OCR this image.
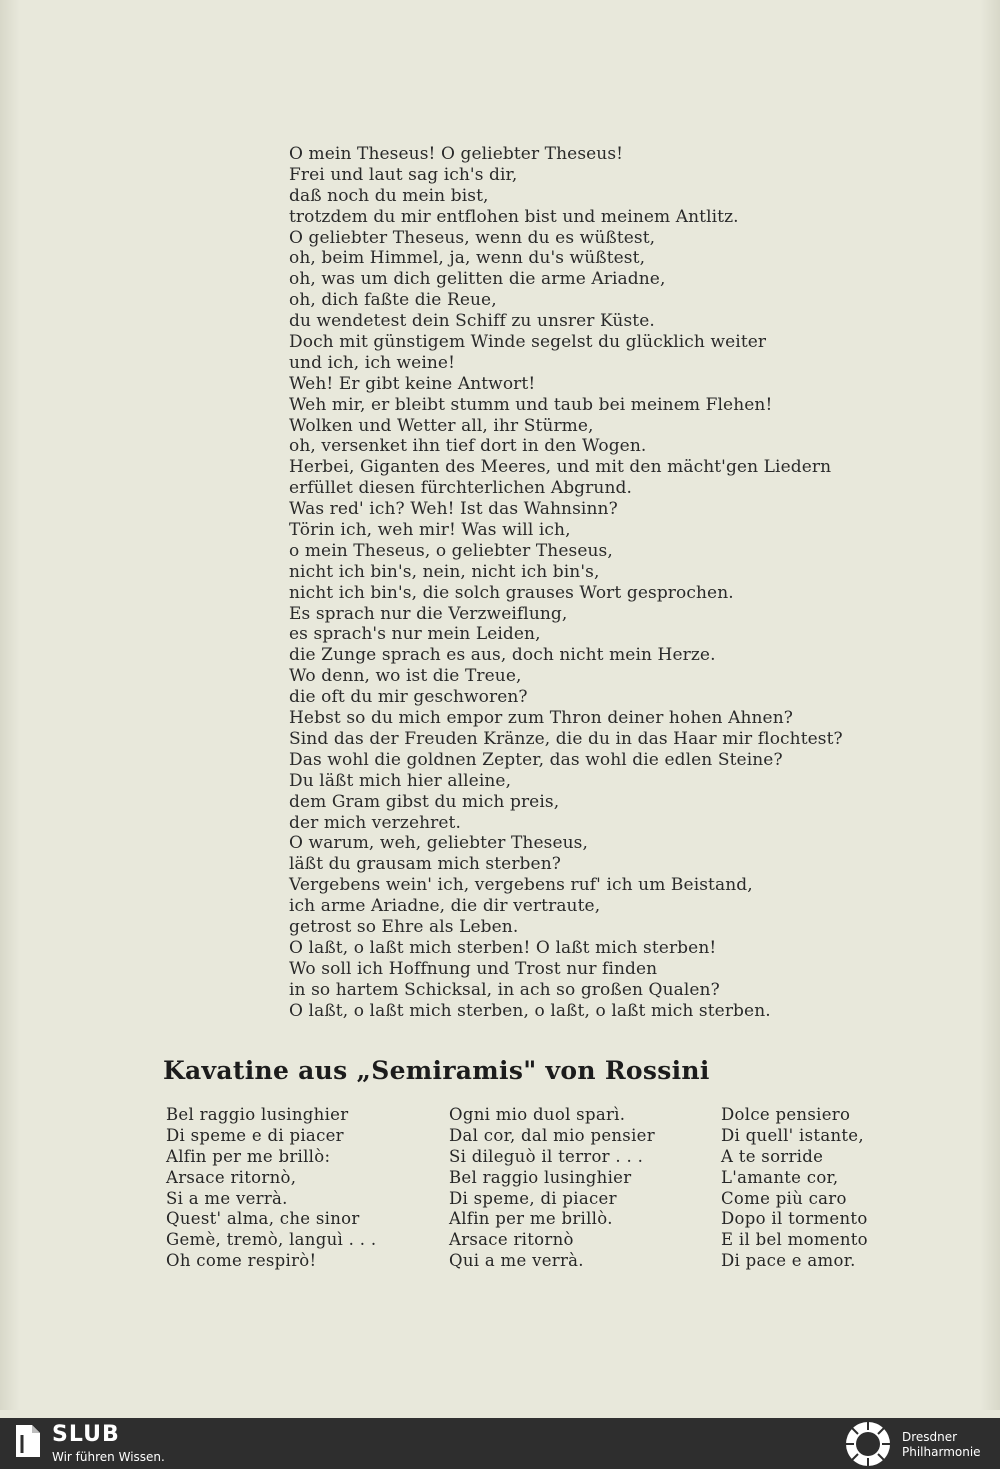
O mein Theseus! O geliebter Theseus!
Frei und laut sag ich's dir,
daß noch du mein bist,
trotzdem du mir entflohen bist und meinem Antlitz.
O geliebter Theseus, wenn du es wüßtest,
oh, beim Himmel, ja, wenn du's wüßtest,
oh, was um dich gelitten die arme Ariadne,
oh, dich faßte die Reue,
du wendetest dein Schiff zu unsrer Küste.
Doch mit günstigem Winde segelst du glücklich weiter
und ich, ich weine!
Weh! Er gibt keine Antwort!
Weh mir, er bleibt stumm und taub bei meinem Flehen!
Wolken und Wetter all, ihr Stürme,
oh, versenket ihn tief dort in den Wogen.
Herbei, Giganten des Meeres, und mit den mächt'gen Liedern
erfüllet diesen fürchterlichen Abgrund.
Was red' ich? Weh! Ist das Wahnsinn?
Törin ich, weh mir! Was will ich,
o mein Theseus, o geliebter Theseus,
nicht ich bin's, nein, nicht ich bin's,
nicht ich bin's, die solch grauses Wort gesprochen.
Es sprach nur die Verzweiflung,
es sprach's nur mein Leiden,
die Zunge sprach es aus, doch nicht mein Herze.
Wo denn, wo ist die Treue,
die oft du mir geschworen?
Hebst so du mich empor zum Thron deiner hohen Ahnen?
Sind das der Freuden Kränze, die du in das Haar mir flochtest?
Das wohl die goldnen Zepter, das wohl die edlen Steine?
Du läßt mich hier alleine,
dem Gram gibst du mich preis,
der mich verzehret.
O warum, weh, geliebter Theseus,
läßt du grausam mich sterben?
Vergebens wein' ich, vergebens ruf' ich um Beistand,
ich arme Ariadne, die dir vertraute,
getrost so Ehre als Leben.
O laßt, o laßt mich sterben! O laßt mich sterben!
Wo soll ich Hoffnung und Trost nur finden
in so hartem Schicksal, in ach so großen Qualen?
O laßt, o laßt mich sterben, o laßt, o laßt mich sterben.
Kavatine aus „Semiramis" von Rossini
Bel raggio lusinghier
Di speme e di piacer
Alfin per me brillò:
Arsace ritornò,
Si a me verrà.
Quest' alma, che sinor
Gemè, tremò, languì . . .
Oh come respirò!
Ogni mio duol sparì.
Dal cor, dal mio pensier
Si dileguò il terror . . .
Bel raggio lusinghier
Di speme, di piacer
Alfin per me brillò.
Arsace ritornò
Qui a me verrà.
Dolce pensiero
Di quell' istante,
A te sorride
L'amante cor,
Come più caro
Dopo il tormento
E il bel momento
Di pace e amor.
SLUB
Wir führen Wissen.
Dresdner
Philharmonie
